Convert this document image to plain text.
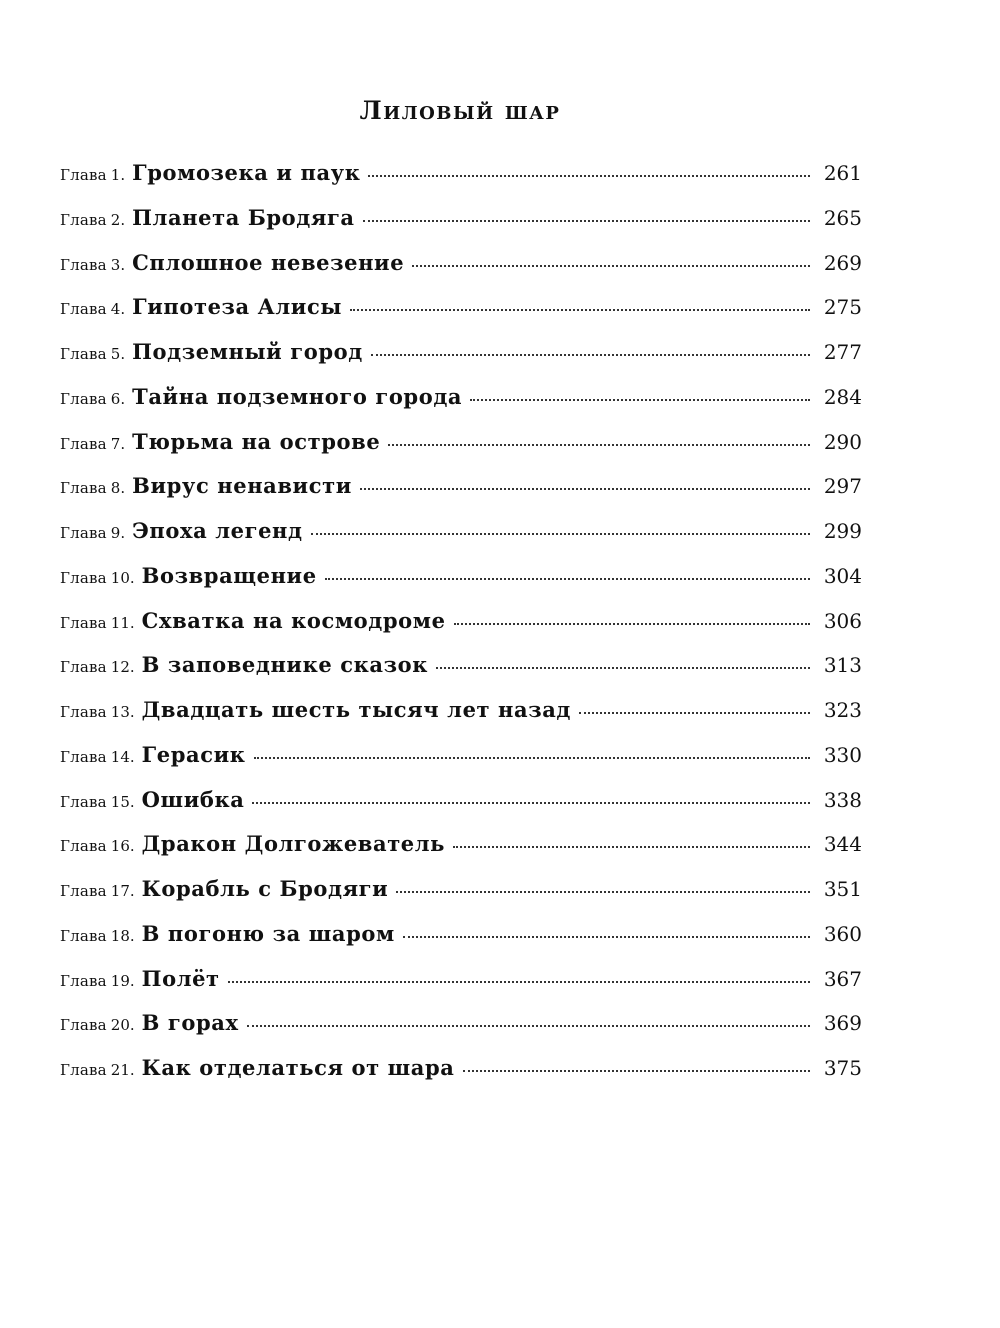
Лиловый шар
Глава 1. Громозека и паук	261
Глава 2. Планета Бродяга	265
Глава 3. Сплошное невезение	269
Глава 4. Гипотеза Алисы	275
Глава 5. Подземный город	277
Глава 6. Тайна подземного города	284
Глава 7. Тюрьма на острове	290
Глава 8. Вирус ненависти	297
Глава 9. Эпоха легенд	299
Глава 10. Возвращение	304
Глава 11. Схватка на космодроме	306
Глава 12. В заповеднике сказок	313
Глава 13. Двадцать шесть тысяч лет назад	323
Глава 14. Герасик	330
Глава 15. Ошибка	338
Глава 16. Дракон Долгожеватель	344
Глава 17. Корабль с Бродяги	351
Глава 18. В погоню за шаром	360
Глава 19. Полёт	367
Глава 20. В горах	369
Глава 21. Как отделаться от шара	375
